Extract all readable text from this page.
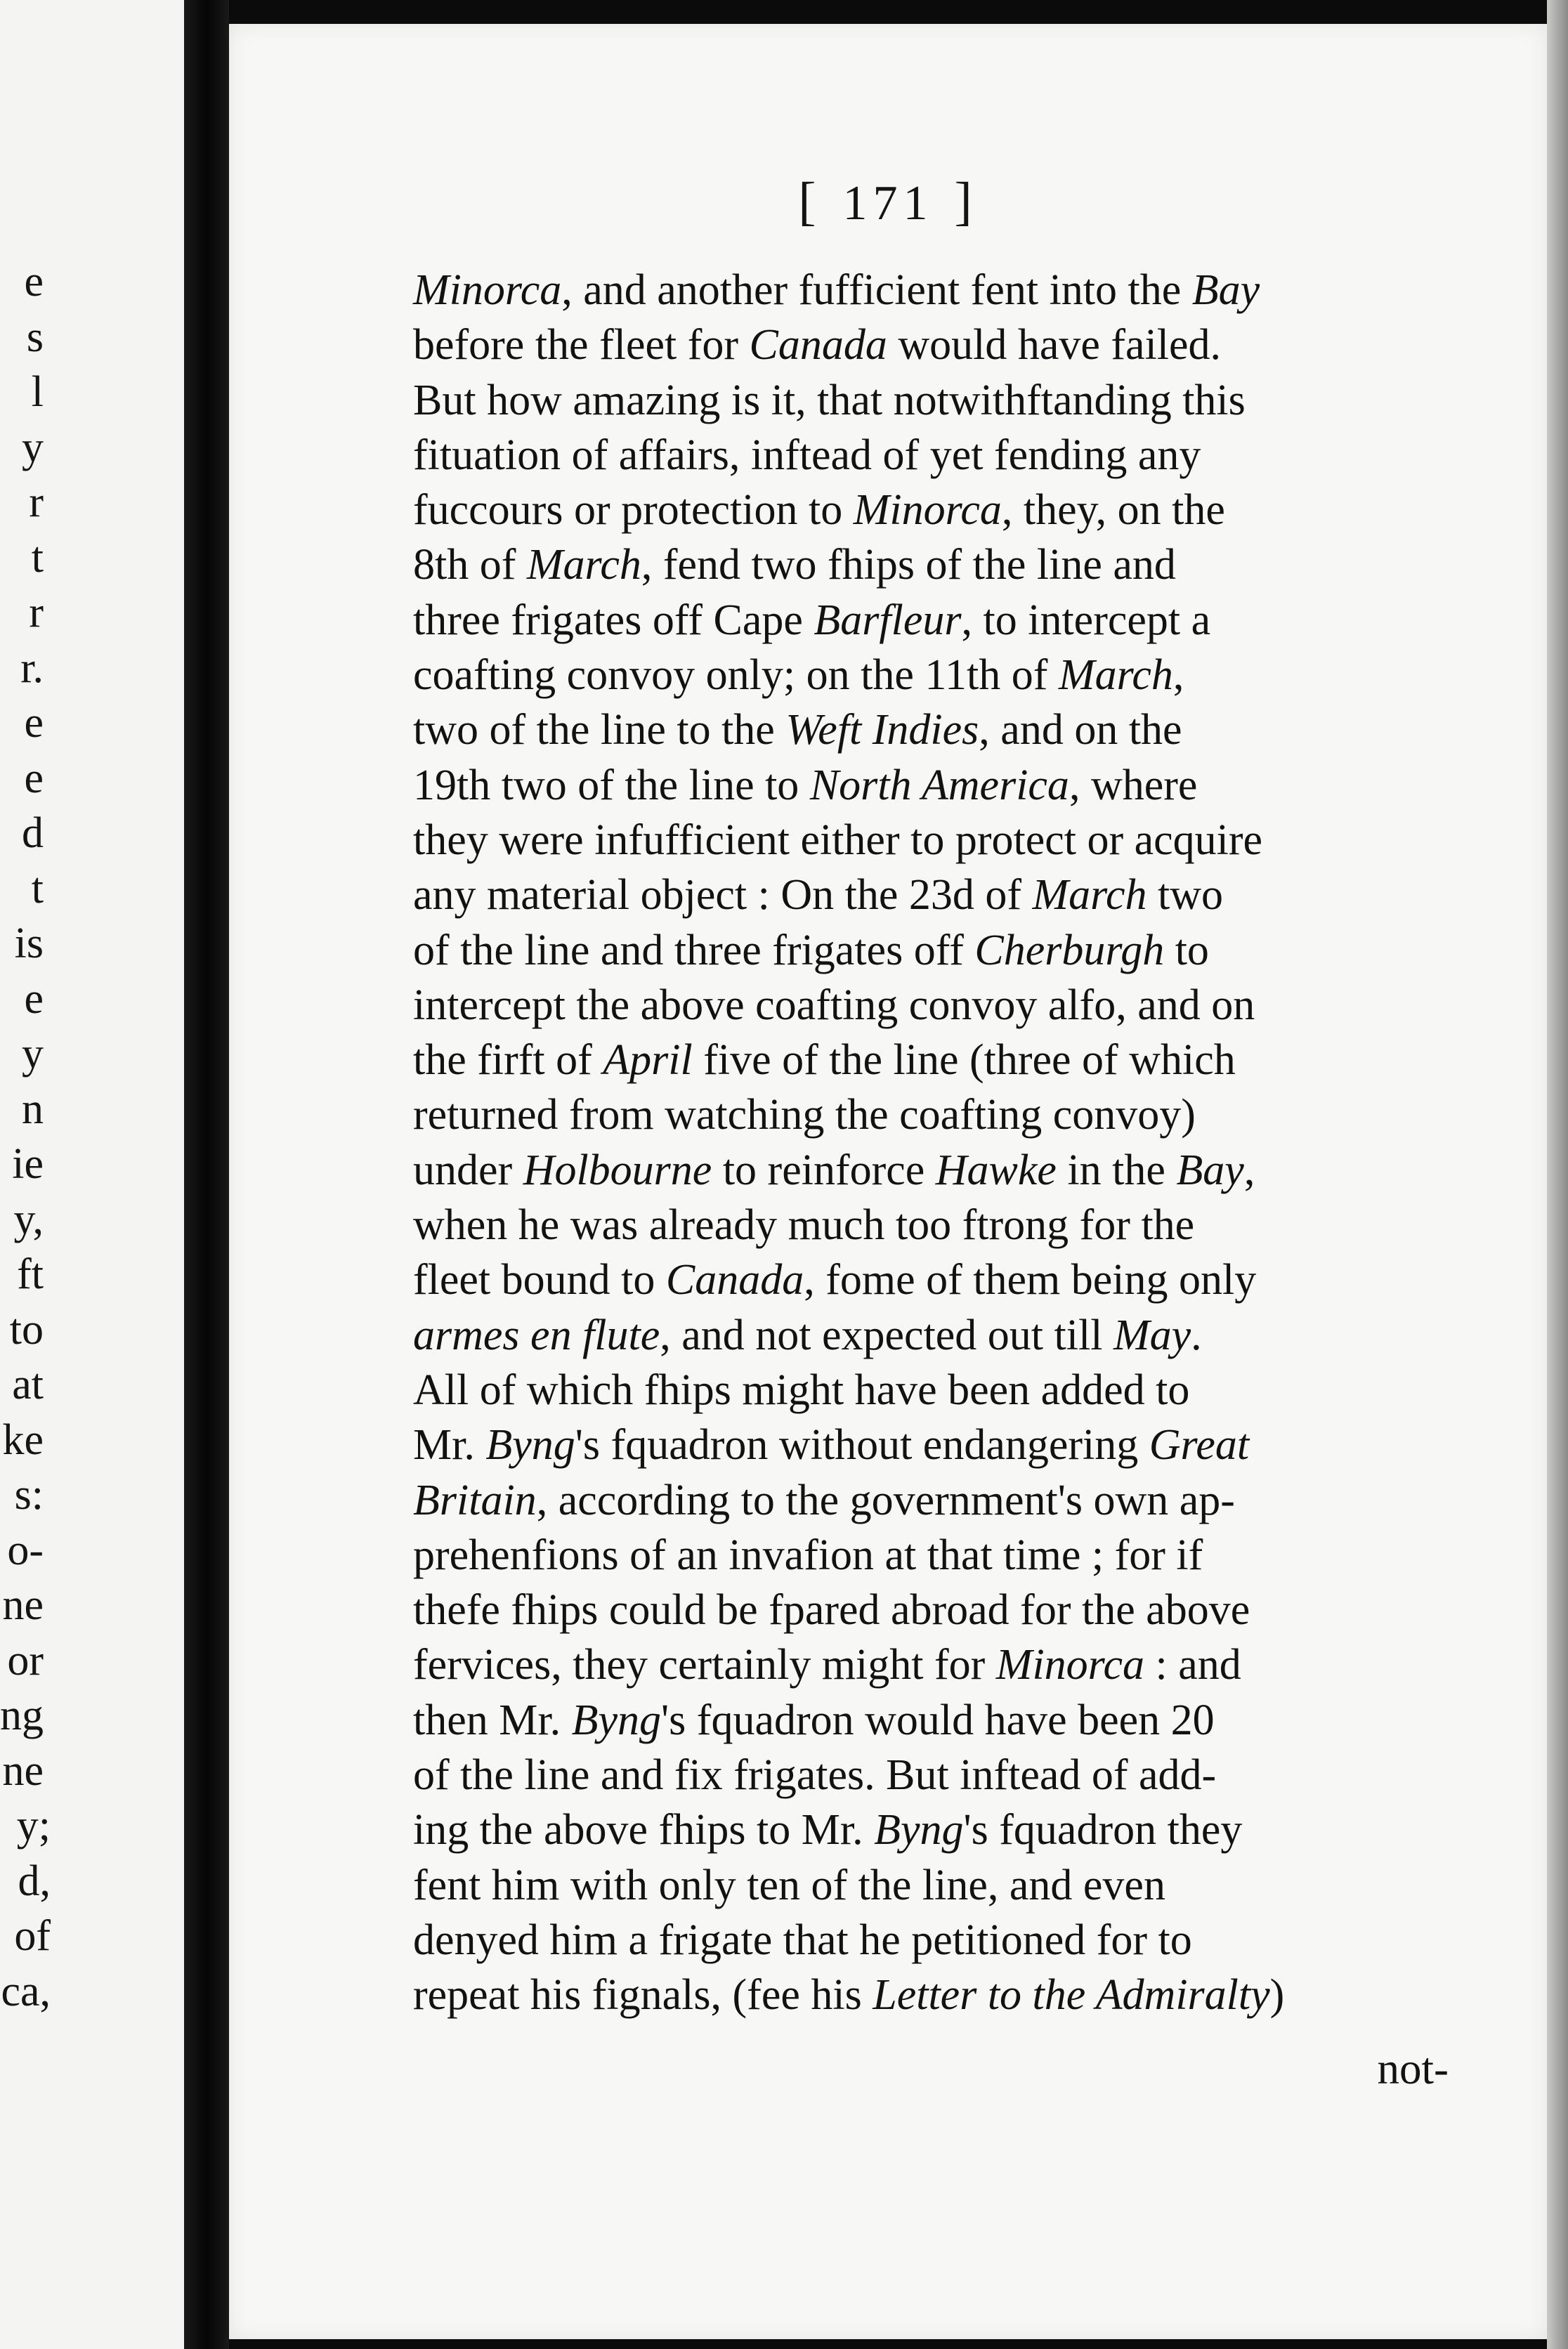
e
s
l
y
r
t
r
r.
e
e
d
t
is
e
y
n
ie
y,
ft
to
at
ke
s:
o-
ne
or
ng
ne
y;
d,
of
ca,
[ 171 ]
Minorca, and another fufficient fent into the Bay
before the fleet for Canada would have failed.
But how amazing is it, that notwithftanding this
fituation of affairs, inftead of yet fending any
fuccours or protection to Minorca, they, on the
8th of March, fend two fhips of the line and
three frigates off Cape Barfleur, to intercept a
coafting convoy only; on the 11th of March,
two of the line to the Weft Indies, and on the
19th two of the line to North America, where
they were infufficient either to protect or acquire
any material object : On the 23d of March two
of the line and three frigates off Cherburgh to
intercept the above coafting convoy alfo, and on
the firft of April five of the line (three of which
returned from watching the coafting convoy)
under Holbourne to reinforce Hawke in the Bay,
when he was already much too ftrong for the
fleet bound to Canada, fome of them being only
armes en flute, and not expected out till May.
All of which fhips might have been added to
Mr. Byng's fquadron without endangering Great
Britain, according to the government's own ap-
prehenfions of an invafion at that time ; for if
thefe fhips could be fpared abroad for the above
fervices, they certainly might for Minorca : and
then Mr. Byng's fquadron would have been 20
of the line and fix frigates. But inftead of add-
ing the above fhips to Mr. Byng's fquadron they
fent him with only ten of the line, and even
denyed him a frigate that he petitioned for to
repeat his fignals, (fee his Letter to the Admiralty)
not-
